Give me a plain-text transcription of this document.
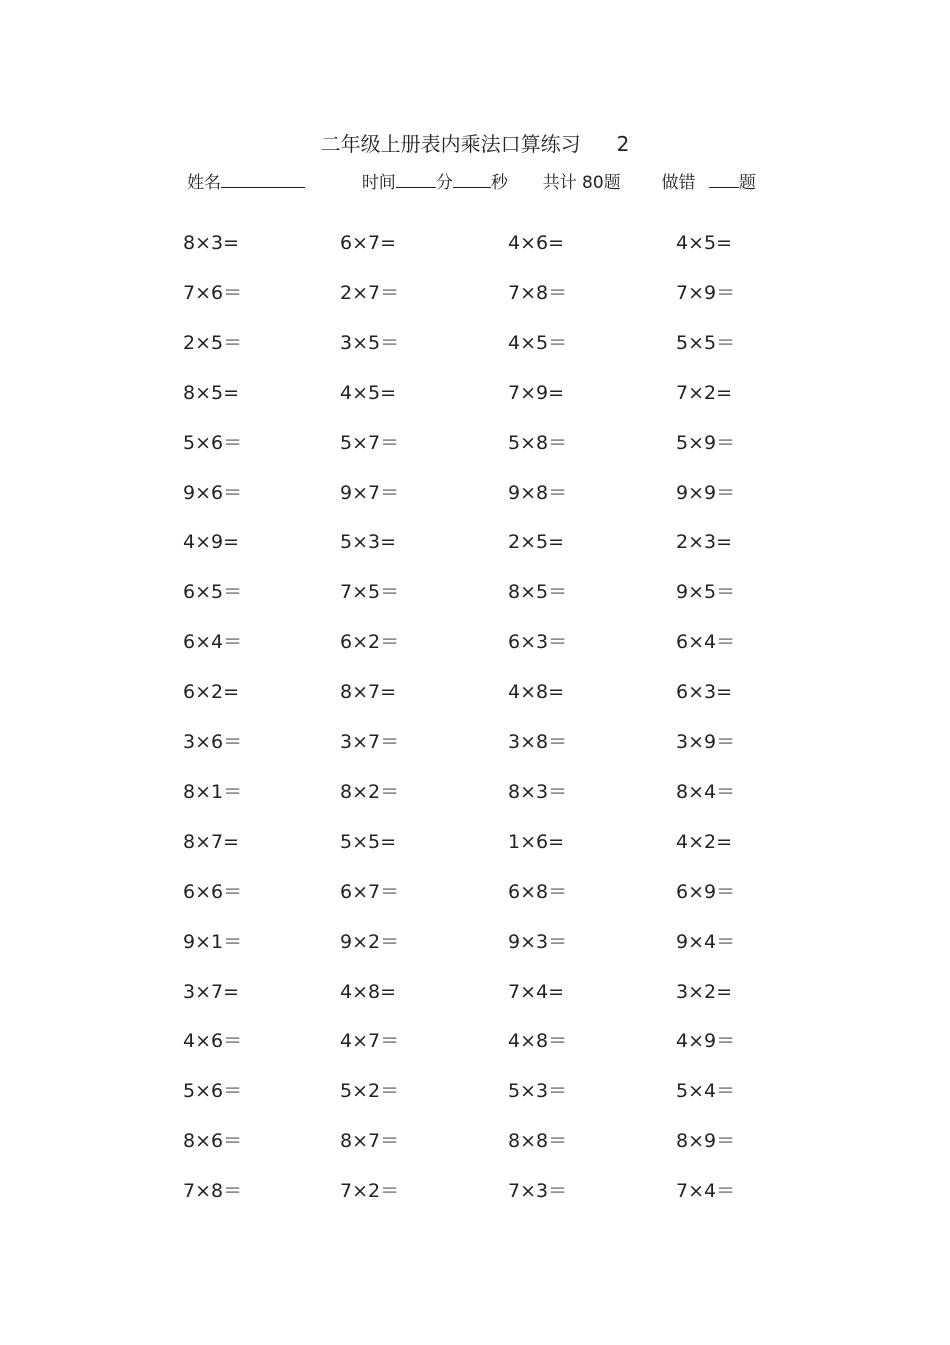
二年级上册表内乘法口算练习 2
姓名	时间 分 秒 共计 80题 做错	题
8×3=	6×7=	4×6=	4×5=
7×6＝	2×7＝	7×8＝	7×9＝
2×5＝	3×5＝	4×5＝	5×5＝
8×5=	4×5=	7×9=	7×2=
5×6＝	5×7＝	5×8＝	5×9＝
9×6＝	9×7＝	9×8＝	9×9＝
4×9=	5×3=	2×5=	2×3=
6×5＝	7×5＝	8×5＝	9×5＝
6×4＝	6×2＝	6×3＝	6×4＝
6×2=	8×7=	4×8=	6×3=
3×6＝	3×7＝	3×8＝	3×9＝
8×1＝	8×2＝	8×3＝	8×4＝
8×7=	5×5=	1×6=	4×2=
6×6＝	6×7＝	6×8＝	6×9＝
9×1＝	9×2＝	9×3＝	9×4＝
3×7=	4×8=	7×4=	3×2=
4×6＝	4×7＝	4×8＝	4×9＝
5×6＝	5×2＝	5×3＝	5×4＝
8×6＝	8×7＝	8×8＝	8×9＝
7×8＝	7×2＝	7×3＝	7×4＝
